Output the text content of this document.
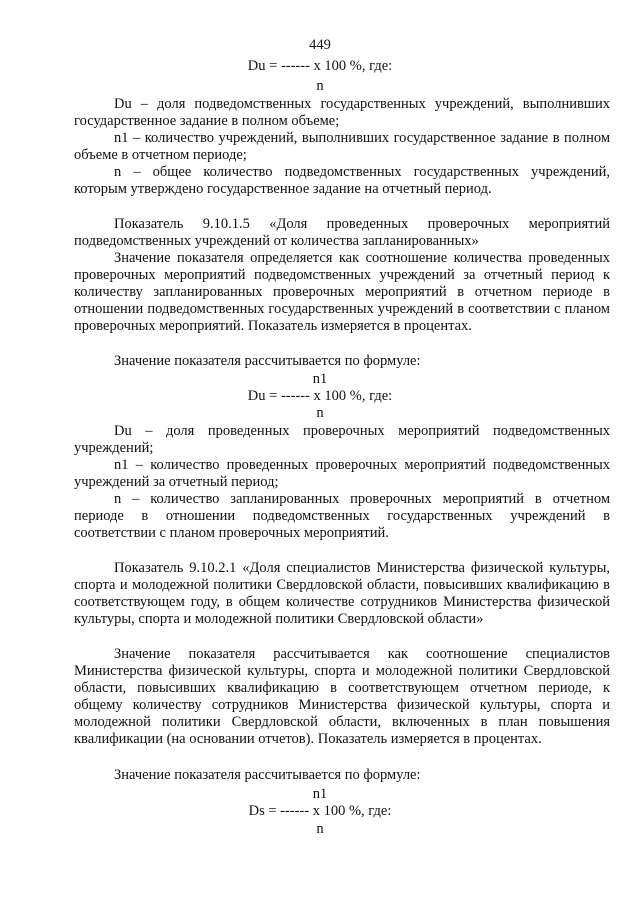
449
Du = ------ х 100 %, где:
n

Du – доля подведомственных государственных учреждений, выполнивших государственное задание в полном объеме;

n1 – количество учреждений, выполнивших государственное задание в полном объеме в отчетном периоде;

n – общее количество подведомственных государственных учреждений, которым утверждено государственное задание на отчетный период.

Показатель 9.10.1.5 «Доля проведенных проверочных мероприятий подведомственных учреждений от количества запланированных»

Значение показателя определяется как соотношение количества проведенных проверочных мероприятий подведомственных учреждений за отчетный период к количеству запланированных проверочных мероприятий в отчетном периоде в отношении подведомственных государственных учреждений в соответствии с планом проверочных мероприятий. Показатель измеряется в процентах.

Значение показателя рассчитывается по формуле:

n1
Du = ------ х 100 %, где:
n

Du – доля проведенных проверочных мероприятий подведомственных учреждений;

n1 – количество проведенных проверочных мероприятий подведомственных учреждений за отчетный период;

n – количество запланированных проверочных мероприятий в отчетном периоде в отношении подведомственных государственных учреждений в соответствии с планом проверочных мероприятий.

Показатель 9.10.2.1 «Доля специалистов Министерства физической культуры, спорта и молодежной политики Свердловской области, повысивших квалификацию в соответствующем году, в общем количестве сотрудников Министерства физической культуры, спорта и молодежной политики Свердловской области»

Значение показателя рассчитывается как соотношение специалистов Министерства физической культуры, спорта и молодежной политики Свердловской области, повысивших квалификацию в соответствующем отчетном периоде, к общему количеству сотрудников Министерства физической культуры, спорта и молодежной политики Свердловской области, включенных в план повышения квалификации (на основании отчетов). Показатель измеряется в процентах.

Значение показателя рассчитывается по формуле:

n1
Ds = ------ х 100 %, где:
n
